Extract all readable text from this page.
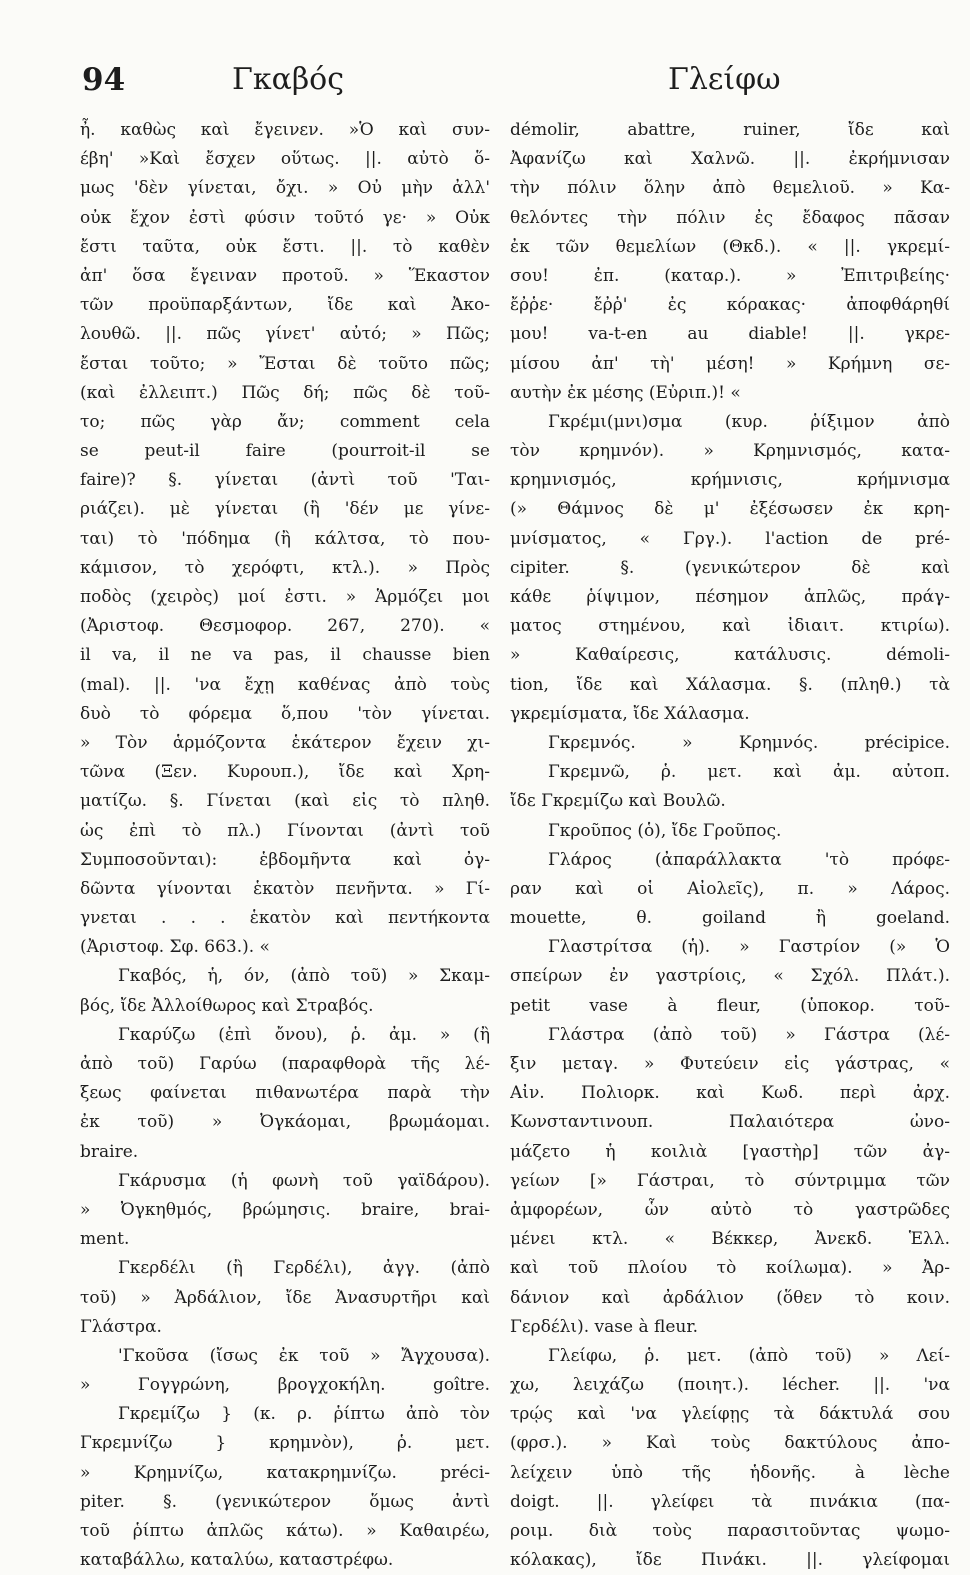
94	Γκαβός	Γλείφω
ἦ. καθὼς καὶ ἔγεινεν. »Ὁ καὶ συν-
έβη' »Καὶ ἔσχεν οὕτως. ||. αὐτὸ ὅ-
μως 'δὲν γίνεται, ὄχι. » Οὐ μὴν ἀλλ'
οὐκ ἔχον ἐστὶ φύσιν τοῦτό γε· » Οὐκ
ἔστι ταῦτα, οὐκ ἔστι. ||. τὸ καθὲν
ἀπ' ὅσα ἔγειναν προτοῦ. » Ἕκαστον
τῶν προϋπαρξάντων, ἴδε καὶ Ἀκο-
λουθῶ. ||. πῶς γίνετ' αὐτό; » Πῶς;
ἔσται τοῦτο; » Ἔσται δὲ τοῦτο πῶς;
(καὶ ἐλλειπτ.) Πῶς δή; πῶς δὲ τοῦ-
το; πῶς γὰρ ἄν; comment cela
se peut-il faire (pourroit-il se
faire)? §. γίνεται (ἀντὶ τοῦ 'Ται-
ριάζει). μὲ γίνεται (ἢ 'δέν με γίνε-
ται) τὸ 'πόδημα (ἢ κάλτσα, τὸ που-
κάμισον, τὸ χερόφτι, κτλ.). » Πρὸς
ποδὸς (χειρὸς) μοί ἐστι. » Ἁρμόζει μοι
(Ἀριστοφ. Θεσμοφορ. 267, 270). «
il va, il ne va pas, il chausse bien
(mal). ||. 'να ἔχῃ καθένας ἀπὸ τοὺς
δυὸ τὸ φόρεμα ὅ,που 'τὸν γίνεται.
» Τὸν ἁρμόζοντα ἑκάτερον ἔχειν χι-
τῶνα (Ξεν. Κυρουπ.), ἴδε καὶ Χρη-
ματίζω. §. Γίνεται (καὶ εἰς τὸ πληθ.
ὡς ἐπὶ τὸ πλ.) Γίνονται (ἀντὶ τοῦ
Συμποσοῦνται): ἑβδομῆντα καὶ ὀγ-
δῶντα γίνονται ἑκατὸν πενῆντα. » Γί-
γνεται . . . ἑκατὸν καὶ πεντήκοντα
(Ἀριστοφ. Σφ. 663.). «
Γκαβός, ἡ, όν, (ἀπὸ τοῦ) » Σκαμ-
βός, ἴδε Ἀλλοίθωρος καὶ Στραβός.
Γκαρύζω (ἐπὶ ὄνου), ῥ. ἀμ. » (ἢ
ἀπὸ τοῦ) Γαρύω (παραφθορὰ τῆς λέ-
ξεως φαίνεται πιθανωτέρα παρὰ τὴν
ἐκ τοῦ) » Ὀγκάομαι, βρωμάομαι.
braire.
Γκάρυσμα (ἡ φωνὴ τοῦ γαϊδάρου).
» Ὀγκηθμός, βρώμησις. braire, brai-
ment.
Γκερδέλι (ἢ Γερδέλι), ἀγγ. (ἀπὸ
τοῦ) » Ἀρδάλιον, ἴδε Ἀνασυρτῆρι καὶ
Γλάστρα.
'Γκοῦσα (ἴσως ἐκ τοῦ » Ἄγχουσα).
» Γογγρώνη, βρογχοκήλη. goître.
Γκρεμίζω } (κ. ρ. ῥίπτω ἀπὸ τὸν
Γκρεμνίζω } κρημνὸν), ῥ. μετ.
» Κρημνίζω, κατακρημνίζω. préci-
piter. §. (γενικώτερον ὅμως ἀντὶ
τοῦ ῥίπτω ἁπλῶς κάτω). » Καθαιρέω,
καταβάλλω, καταλύω, καταστρέφω.
démolir, abattre, ruiner, ἴδε καὶ
Ἀφανίζω καὶ Χαλνῶ. ||. ἐκρήμνισαν
τὴν πόλιν ὅλην ἀπὸ θεμελιοῦ. » Κα-
θελόντες τὴν πόλιν ἐς ἔδαφος πᾶσαν
ἐκ τῶν θεμελίων (Θκδ.). « ||. γκρεμί-
σου! ἐπ. (καταρ.). » Ἐπιτριβείης·
ἔῤῥε· ἔῤῥ' ἐς κόρακας· ἀποφθάρηθί
μου! va-t-en au diable! ||. γκρε-
μίσου ἀπ' τὴ' μέση! » Κρήμνη σε-
αυτὴν ἐκ μέσης (Εὐριπ.)! «
Γκρέμι(μνι)σμα (κυρ. ῥίξιμον ἀπὸ
τὸν κρημνόν). » Κρημνισμός, κατα-
κρημνισμός, κρήμνισις, κρήμνισμα
(» Θάμνος δὲ μ' ἐξέσωσεν ἐκ κρη-
μνίσματος, « Γργ.). l'action de pré-
cipiter. §. (γενικώτερον δὲ καὶ
κάθε ῥίψιμον, πέσημον ἁπλῶς, πράγ-
ματος στημένου, καὶ ἰδιαιτ. κτιρίω).
» Καθαίρεσις, κατάλυσις. démoli-
tion, ἴδε καὶ Χάλασμα. §. (πληθ.) τὰ
γκρεμίσματα, ἴδε Χάλασμα.
Γκρεμνός. » Κρημνός. précipice.
Γκρεμνῶ, ῥ. μετ. καὶ ἀμ. αὐτοπ.
ἴδε Γκρεμίζω καὶ Βουλῶ.
Γκροῦπος (ὁ), ἴδε Γροῦπος.
Γλάρος (ἀπαράλλακτα 'τὸ πρόφε-
ραν καὶ οἱ Αἰολεῖς), π. » Λάρος.
mouette, θ. goiland ἢ goeland.
Γλαστρίτσα (ἡ). » Γαστρίον (» Ὁ
σπείρων ἐν γαστρίοις, « Σχόλ. Πλάτ.).
petit vase à fleur, (ὑποκορ. τοῦ-
Γλάστρα (ἀπὸ τοῦ) » Γάστρα (λέ-
ξιν μεταγ. » Φυτεύειν εἰς γάστρας, «
Αἰν. Πολιορκ. καὶ Κωδ. περὶ ἀρχ.
Κωνσταντινουπ. Παλαιότερα ὠνο-
μάζετο ἡ κοιλιὰ [γαστὴρ] τῶν ἀγ-
γείων [» Γάστραι, τὸ σύντριμμα τῶν
ἀμφορέων, ὧν αὐτὸ τὸ γαστρῶδες
μένει κτλ. « Βέκκερ, Ἀνεκδ. Ἑλλ.
καὶ τοῦ πλοίου τὸ κοίλωμα). » Ἀρ-
δάνιον καὶ ἀρδάλιον (ὅθεν τὸ κοιν.
Γερδέλι). vase à fleur.
Γλείφω, ῥ. μετ. (ἀπὸ τοῦ) » Λεί-
χω, λειχάζω (ποιητ.). lécher. ||. 'να
τρῴς καὶ 'να γλείφῃς τὰ δάκτυλά σου
(φρσ.). » Καὶ τοὺς δακτύλους ἀπο-
λείχειν ὑπὸ τῆς ἡδονῆς. à lèche
doigt. ||. γλείφει τὰ πινάκια (πα-
ροιμ. διὰ τοὺς παρασιτοῦντας ψωμο-
κόλακας), ἴδε Πινάκι. ||. γλείφομαι
